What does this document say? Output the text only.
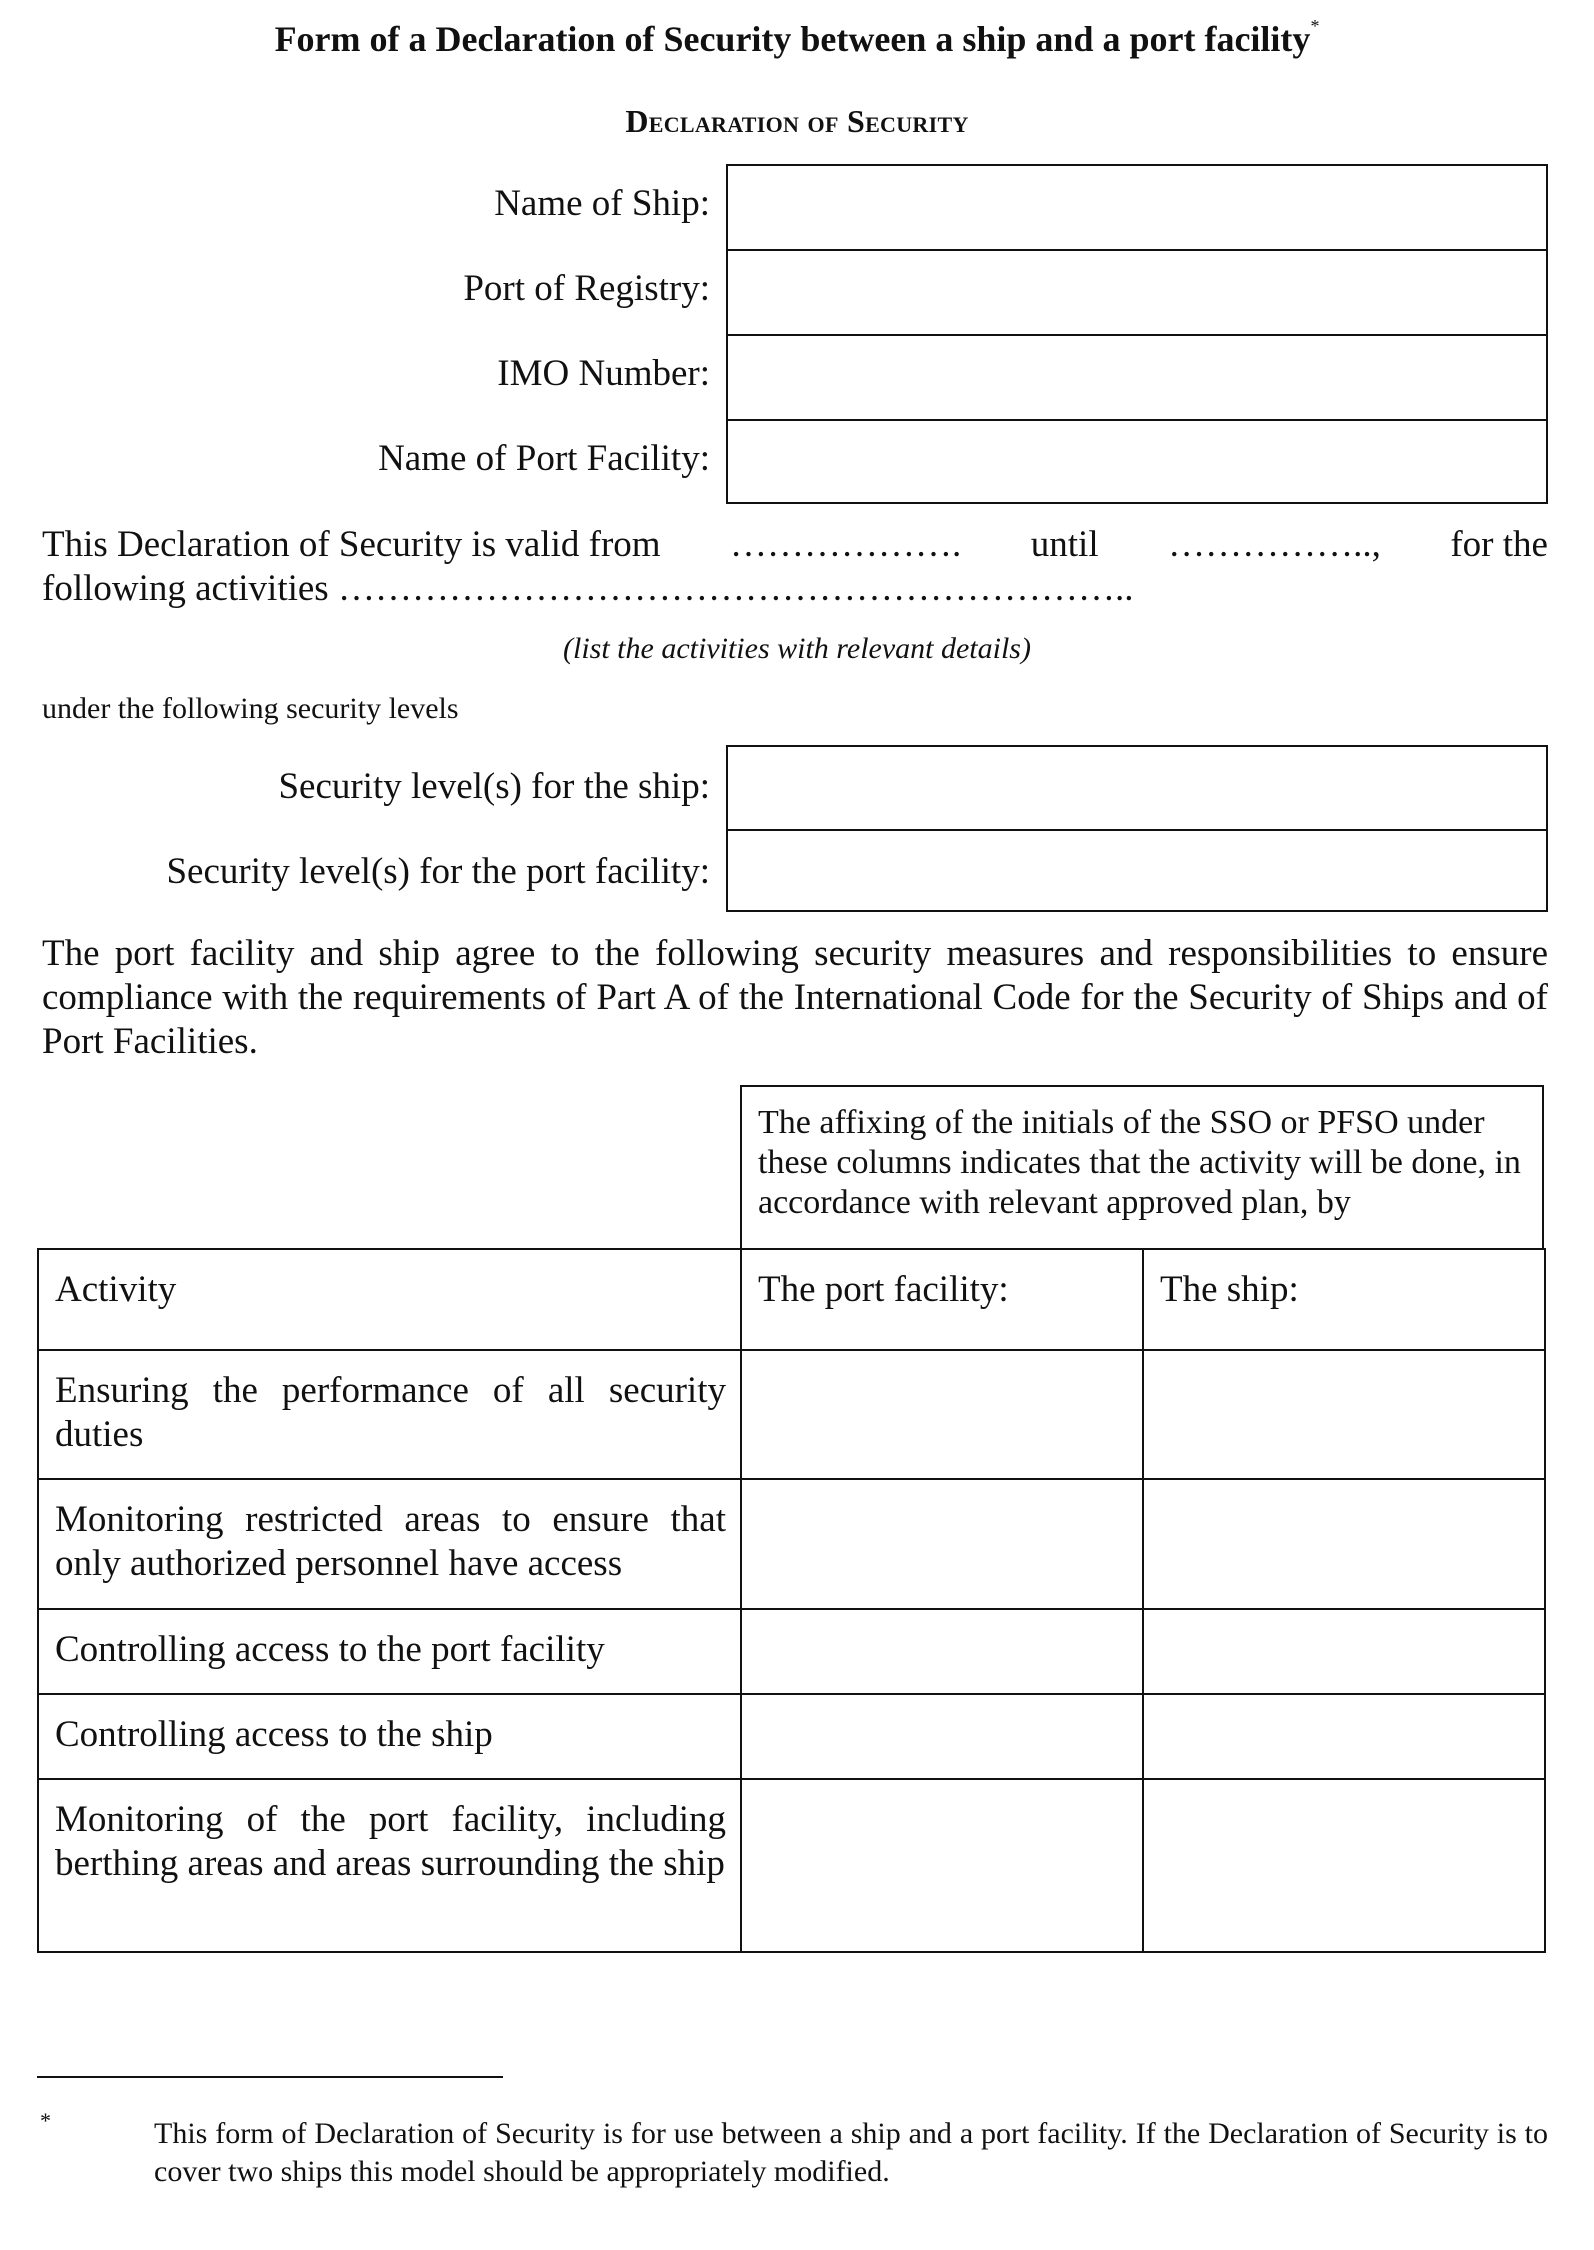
Form of a Declaration of Security between a ship and a port facility*
Declaration of Security
Name of Ship:
Port of Registry:
IMO Number:
Name of Port Facility:
This Declaration of Security is valid from ………………. until …………….., for the
following activities ………………………………………………………..
(list the activities with relevant details)
under the following security levels
Security level(s) for the ship:
Security level(s) for the port facility:
The port facility and ship agree to the following security measures and responsibilities to ensure compliance with the requirements of Part A of the International Code for the Security of Ships and of Port Facilities.
The affixing of the initials of the SSO or PFSO under these columns indicates that the activity will be done, in accordance with relevant approved plan, by
Activity	The port facility:	The ship:
Ensuring the performance of all security duties		
Monitoring restricted areas to ensure that only authorized personnel have access		
Controlling access to the port facility		
Controlling access to the ship		
Monitoring of the port facility, including berthing areas and areas surrounding the ship		
*	This form of Declaration of Security is for use between a ship and a port facility. If the Declaration of Security is to cover two ships this model should be appropriately modified.
